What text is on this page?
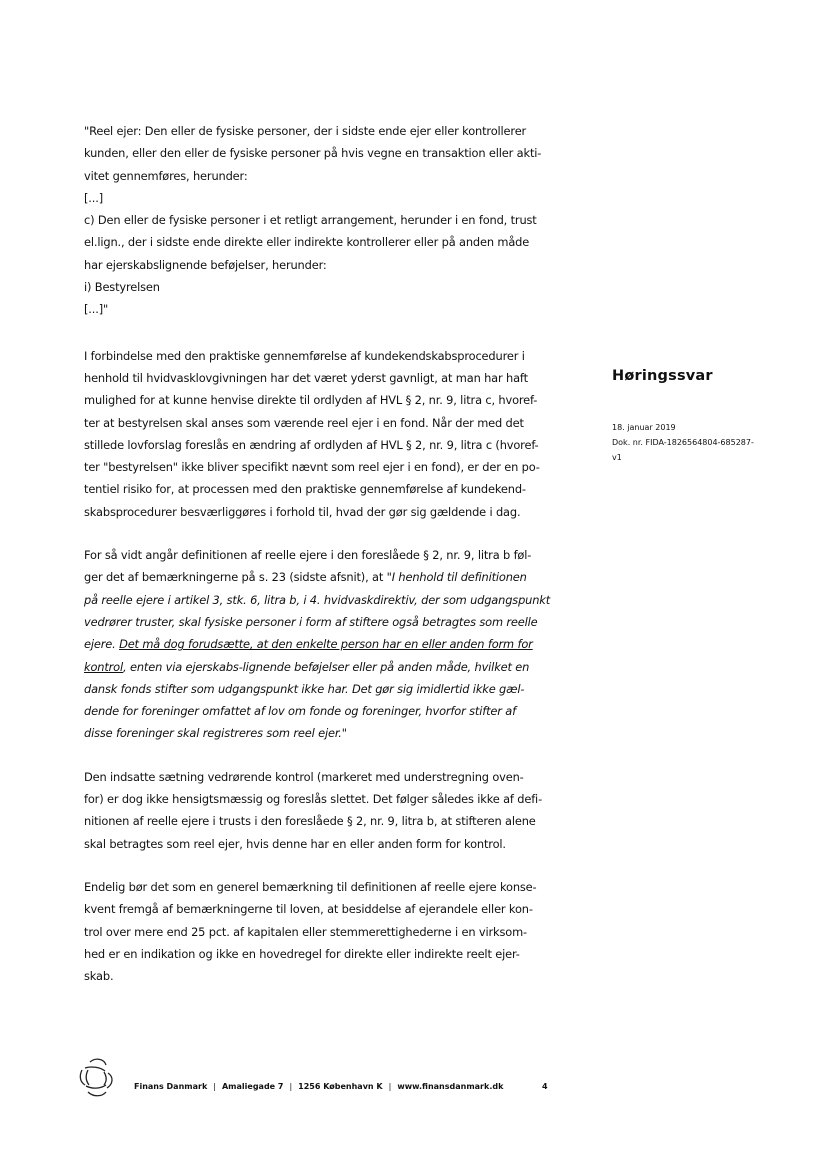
"Reel ejer: Den eller de fysiske personer, der i sidste ende ejer eller kontrollerer
kunden, eller den eller de fysiske personer på hvis vegne en transaktion eller akti-
vitet gennemføres, herunder:
[...]
c) Den eller de fysiske personer i et retligt arrangement, herunder i en fond, trust
el.lign., der i sidste ende direkte eller indirekte kontrollerer eller på anden måde
har ejerskabslignende beføjelser, herunder:
i) Bestyrelsen
[...]"

I forbindelse med den praktiske gennemførelse af kundekendskabsprocedurer i
henhold til hvidvasklovgivningen har det været yderst gavnligt, at man har haft
mulighed for at kunne henvise direkte til ordlyden af HVL § 2, nr. 9, litra c, hvoref-
ter at bestyrelsen skal anses som værende reel ejer i en fond. Når der med det
stillede lovforslag foreslås en ændring af ordlyden af HVL § 2, nr. 9, litra c (hvoref-
ter "bestyrelsen" ikke bliver specifikt nævnt som reel ejer i en fond), er der en po-
tentiel risiko for, at processen med den praktiske gennemførelse af kundekend-
skabsprocedurer besværliggøres i forhold til, hvad der gør sig gældende i dag.

For så vidt angår definitionen af reelle ejere i den foreslåede § 2, nr. 9, litra b føl-
ger det af bemærkningerne på s. 23 (sidste afsnit), at "I henhold til definitionen
på reelle ejere i artikel 3, stk. 6, litra b, i 4. hvidvaskdirektiv, der som udgangspunkt
vedrører truster, skal fysiske personer i form af stiftere også betragtes som reelle
ejere. Det må dog forudsætte, at den enkelte person har en eller anden form for
kontrol, enten via ejerskabs-lignende beføjelser eller på anden måde, hvilket en
dansk fonds stifter som udgangspunkt ikke har. Det gør sig imidlertid ikke gæl-
dende for foreninger omfattet af lov om fonde og foreninger, hvorfor stifter af
disse foreninger skal registreres som reel ejer."

Den indsatte sætning vedrørende kontrol (markeret med understregning oven-
for) er dog ikke hensigtsmæssig og foreslås slettet. Det følger således ikke af defi-
nitionen af reelle ejere i trusts i den foreslåede § 2, nr. 9, litra b, at stifteren alene
skal betragtes som reel ejer, hvis denne har en eller anden form for kontrol.

Endelig bør det som en generel bemærkning til definitionen af reelle ejere konse-
kvent fremgå af bemærkningerne til loven, at besiddelse af ejerandele eller kon-
trol over mere end 25 pct. af kapitalen eller stemmerettighederne i en virksom-
hed er en indikation og ikke en hovedregel for direkte eller indirekte reelt ejer-
skab.

Høringssvar
18. januar 2019
Dok. nr. FIDA-1826564804-685287-
v1
Finans Danmark | Amaliegade 7 | 1256 København K | www.finansdanmark.dk	4
